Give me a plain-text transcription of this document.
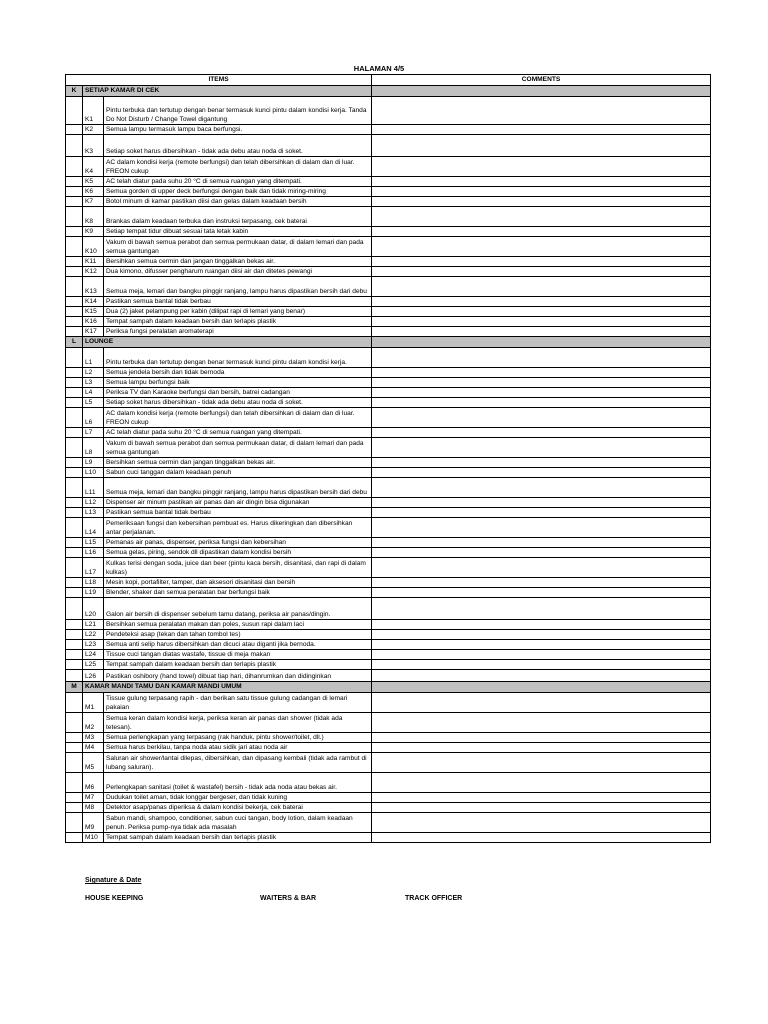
HALAMAN 4/5
ITEMS			COMMENTS
K	SETIAP KAMAR DI CEK		
	K1	Pintu terbuka dan tertutup dengan benar termasuk kunci pintu dalam kondisi kerja. Tanda Do Not Disturb / Change Towel digantung	
	K2	Semua lampu termasuk lampu baca berfungsi.	
	K3	Setiap soket harus dibersihkan - tidak ada debu atau noda di soket.	
	K4	AC dalam kondisi kerja (remote berfungsi) dan telah dibersihkan di dalam dan di luar. FREON cukup	
	K5	AC telah diatur pada suhu 20 °C di semua ruangan yang ditempati.	
	K6	Semua gorden di upper deck berfungsi dengan baik dan tidak miring-miring	
	K7	Botol minum di kamar pastikan diisi dan gelas dalam keadaan bersih	
	K8	Brankas dalam keadaan terbuka dan instruksi terpasang, cek baterai	
	K9	Setiap tempat tidur dibuat sesuai tata letak kabin	
	K10	Vakum di bawah semua perabot dan semua permukaan datar, di dalam lemari dan pada semua gantungan	
	K11	Bersihkan semua cermin dan jangan tinggalkan bekas air.	
	K12	Dua kimono, difusser pengharum ruangan diisi air dan ditetes pewangi	
	K13	Semua meja, lemari dan bangku pinggir ranjang, lampu harus dipastikan bersih dari debu	
	K14	Pastikan semua bantal tidak berbau	
	K15	Dua (2) jaket pelampung per kabin (dilipat rapi di lemari yang benar)	
	K16	Tempat sampah dalam keadaan bersih dan terlapis plastik	
	K17	Periksa fungsi peralatan aromaterapi	
L	LOUNGE		
	L1	Pintu terbuka dan tertutup dengan benar termasuk kunci pintu dalam kondisi kerja.	
	L2	Semua jendela bersih dan tidak bernoda	
	L3	Semua lampu berfungsi baik	
	L4	Periksa TV dan Karaoke berfungsi dan bersih, batrei cadangan	
	L5	Setiap soket harus dibersihkan - tidak ada debu atau noda di soket.	
	L6	AC dalam kondisi kerja (remote berfungsi) dan telah dibersihkan di dalam dan di luar. FREON cukup	
	L7	AC telah diatur pada suhu 20 °C di semua ruangan yang ditempati.	
	L8	Vakum di bawah semua perabot dan semua permukaan datar, di dalam lemari dan pada semua gantungan	
	L9	Bersihkan semua cermin dan jangan tinggalkan bekas air.	
	L10	Sabun cuci tanggan dalam keadaan penuh	
	L11	Semua meja, lemari dan bangku pinggir ranjang, lampu harus dipastikan bersih dari debu	
	L12	Dispenser air minum pastikan air panas dan air dingin bisa digunakan	
	L13	Pastikan semua bantal tidak berbau	
	L14	Pemeriksaan fungsi dan kebersihan pembuat es. Harus dikeringkan dan dibersihkan antar perjalanan.	
	L15	Pemanas air panas, dispenser, periksa fungsi dan kebersihan	
	L16	Semua gelas, piring, sendok dll dipastikan dalam kondisi bersih	
	L17	Kulkas terisi dengan soda, juice dan beer (pintu kaca bersih, disanitasi, dan rapi di dalam kulkas)	
	L18	Mesin kopi, portafilter, tamper, dan aksesori disanitasi dan bersih	
	L19	Blender, shaker dan semua peralatan bar berfungsi baik	
	L20	Galon air bersih di dispenser sebelum tamu datang, periksa air panas/dingin.	
	L21	Bersihkan semua peralatan makan dan poles, susun rapi dalam laci	
	L22	Pendeteksi asap (tekan dan tahan tombol tes)	
	L23	Semua anti selip harus dibersihkan dan dicuci atau diganti jika bernoda.	
	L24	Tissue cuci tangan diatas wastafe, tissue di meja makan	
	L25	Tempat sampah dalam keadaan bersih dan terlapis plastik	
	L26	Pastikan oshibory (hand towel) dibuat tiap hari, dihanrumkan dan didinginkan	
M	KAMAR MANDI TAMU DAN KAMAR MANDI UMUM		
	M1	Tissue gulung terpasang rapih - dan berikan satu tissue gulung cadangan di lemari pakaian	
	M2	Semua keran dalam kondisi kerja, periksa keran air panas dan shower (tidak ada tetesan).	
	M3	Semua perlengkapan yang terpasang (rak handuk, pintu shower/toilet, dll.)	
	M4	Semua harus berkilau, tanpa noda atau sidik jari atau noda air	
	M5	Saluran air shower/lantai dilepas, dibersihkan, dan dipasang kembali (tidak ada rambut di lubang saluran).	
	M6	Perlengkapan sanitasi (toilet & wastafel) bersih - tidak ada noda atau bekas air.	
	M7	Dudukan toilet aman, tidak longgar bergeser, dan tidak kuning	
	M8	Detektor asap/panas diperiksa & dalam kondisi bekerja, cek baterai	
	M9	Sabun mandi, shampoo, conditioner, sabun cuci tangan, body lotion, dalam keadaan penuh. Periksa pump-nya tidak ada masalah	
	M10	Tempat sampah dalam keadaan bersih dan terlapis plastik	
Signature & Date
HOUSE KEEPING	WAITERS & BAR	TRACK OFFICER
